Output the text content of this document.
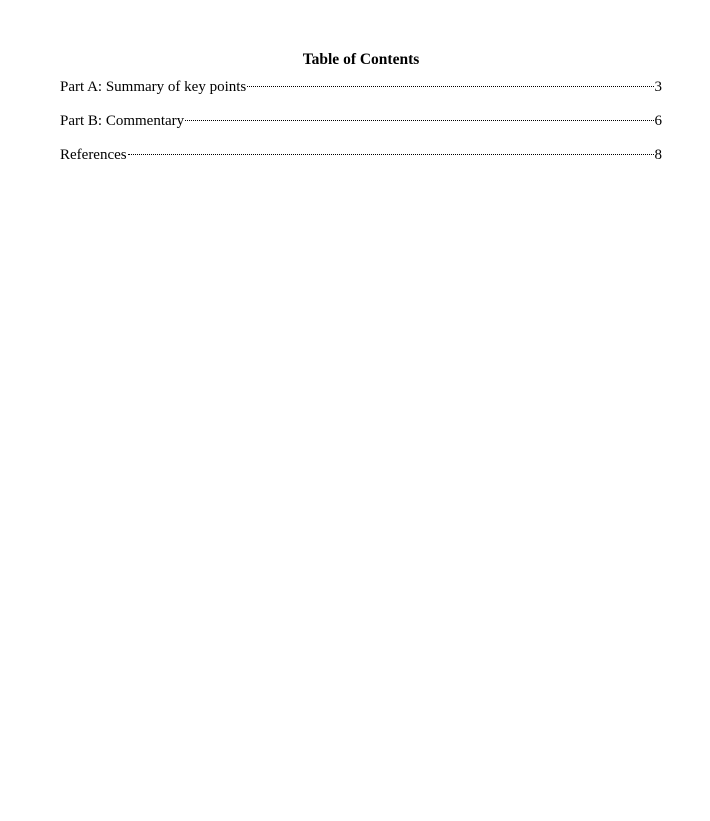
Table of Contents
Part A: Summary of key points	3
Part B: Commentary	6
References	8
